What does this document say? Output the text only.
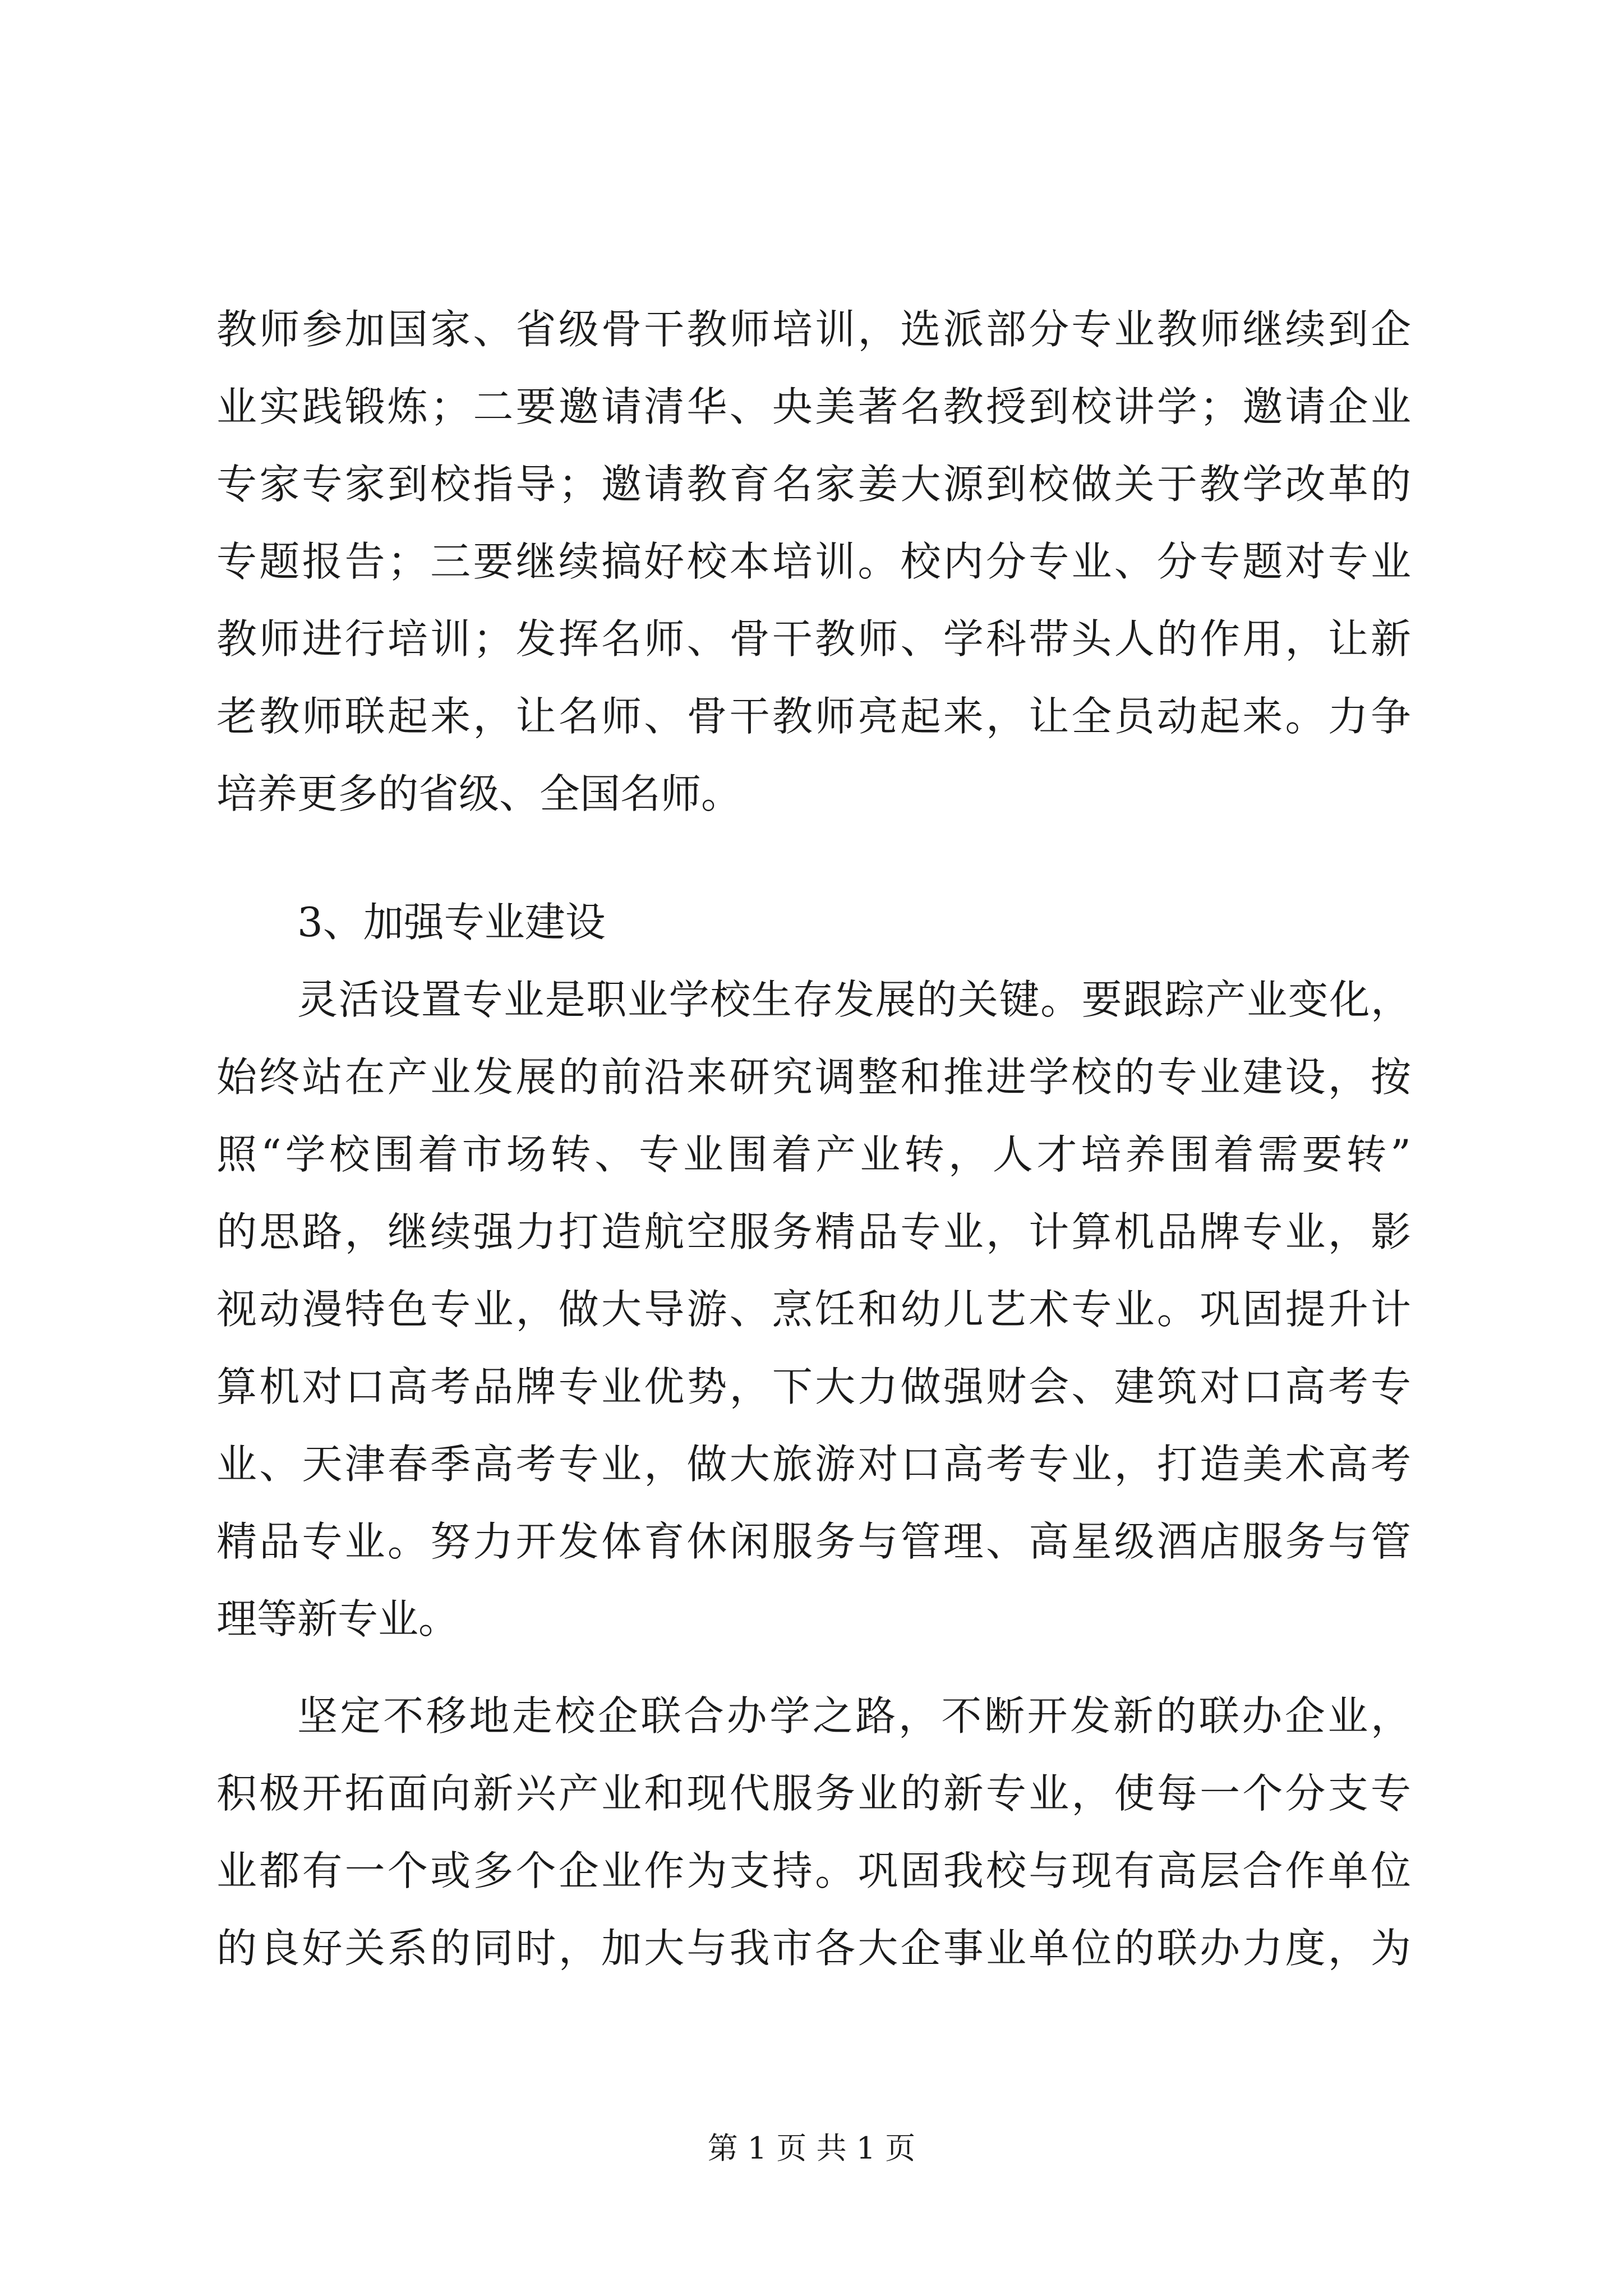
教师参加国家、省级骨干教师培训，选派部分专业教师继续到企
业实践锻炼；二要邀请清华、央美著名教授到校讲学；邀请企业
专家专家到校指导；邀请教育名家姜大源到校做关于教学改革的
专题报告；三要继续搞好校本培训。校内分专业、分专题对专业
教师进行培训；发挥名师、骨干教师、学科带头人的作用，让新
老教师联起来，让名师、骨干教师亮起来，让全员动起来。力争
培养更多的省级、全国名师。
3、加强专业建设
灵活设置专业是职业学校生存发展的关键。要跟踪产业变化，
始终站在产业发展的前沿来研究调整和推进学校的专业建设，按
照“学校围着市场转、专业围着产业转，人才培养围着需要转”
的思路，继续强力打造航空服务精品专业，计算机品牌专业，影
视动漫特色专业，做大导游、烹饪和幼儿艺术专业。巩固提升计
算机对口高考品牌专业优势，下大力做强财会、建筑对口高考专
业、天津春季高考专业，做大旅游对口高考专业，打造美术高考
精品专业。努力开发体育休闲服务与管理、高星级酒店服务与管
理等新专业。
坚定不移地走校企联合办学之路，不断开发新的联办企业，
积极开拓面向新兴产业和现代服务业的新专业，使每一个分支专
业都有一个或多个企业作为支持。巩固我校与现有高层合作单位
的良好关系的同时，加大与我市各大企事业单位的联办力度，为
第 1 页 共 1 页
